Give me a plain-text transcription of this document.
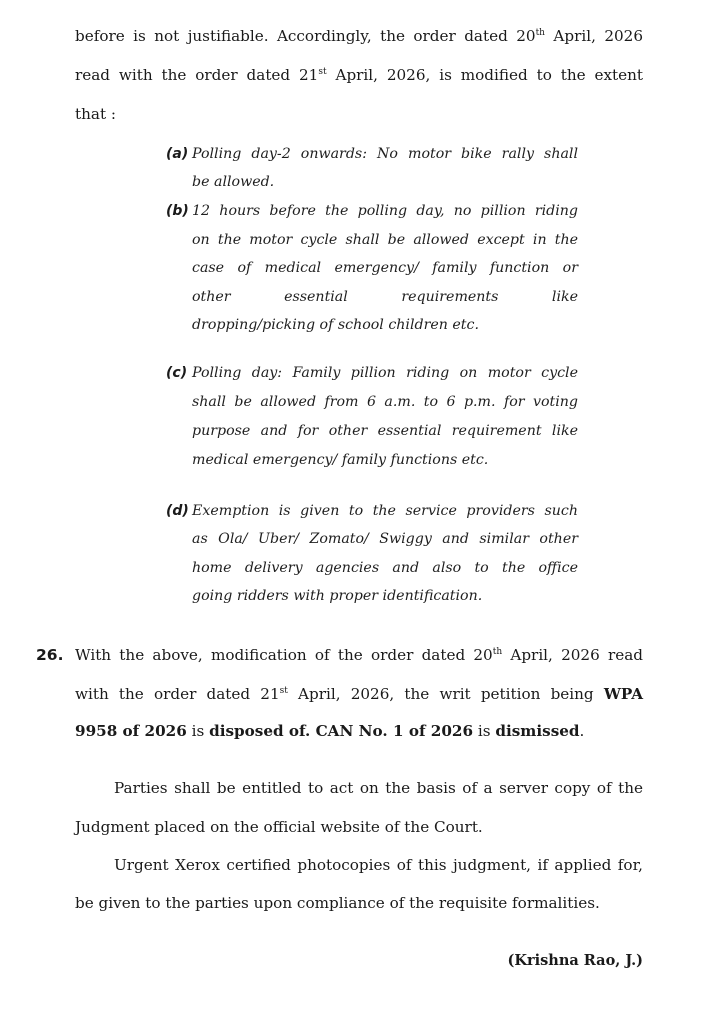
before is not justifiable. Accordingly, the order dated 20th April, 2026
read with the order dated 21st April, 2026, is modified to the extent
that :
(a) Polling day-2 onwards: No motor bike rally shall
be allowed.
(b) 12 hours before the polling day, no pillion riding
on the motor cycle shall be allowed except in the
case of medical emergency/ family function or
other essential requirements like
dropping/picking of school children etc.
(c) Polling day: Family pillion riding on motor cycle
shall be allowed from 6 a.m. to 6 p.m. for voting
purpose and for other essential requirement like
medical emergency/ family functions etc.
(d) Exemption is given to the service providers such
as Ola/ Uber/ Zomato/ Swiggy and similar other
home delivery agencies and also to the office
going ridders with proper identification.
26. With the above, modification of the order dated 20th April, 2026 read
with the order dated 21st April, 2026, the writ petition being WPA
9958 of 2026 is disposed of. CAN No. 1 of 2026 is dismissed.
Parties shall be entitled to act on the basis of a server copy of the
Judgment placed on the official website of the Court.
Urgent Xerox certified photocopies of this judgment, if applied for,
be given to the parties upon compliance of the requisite formalities.
(Krishna Rao, J.)
